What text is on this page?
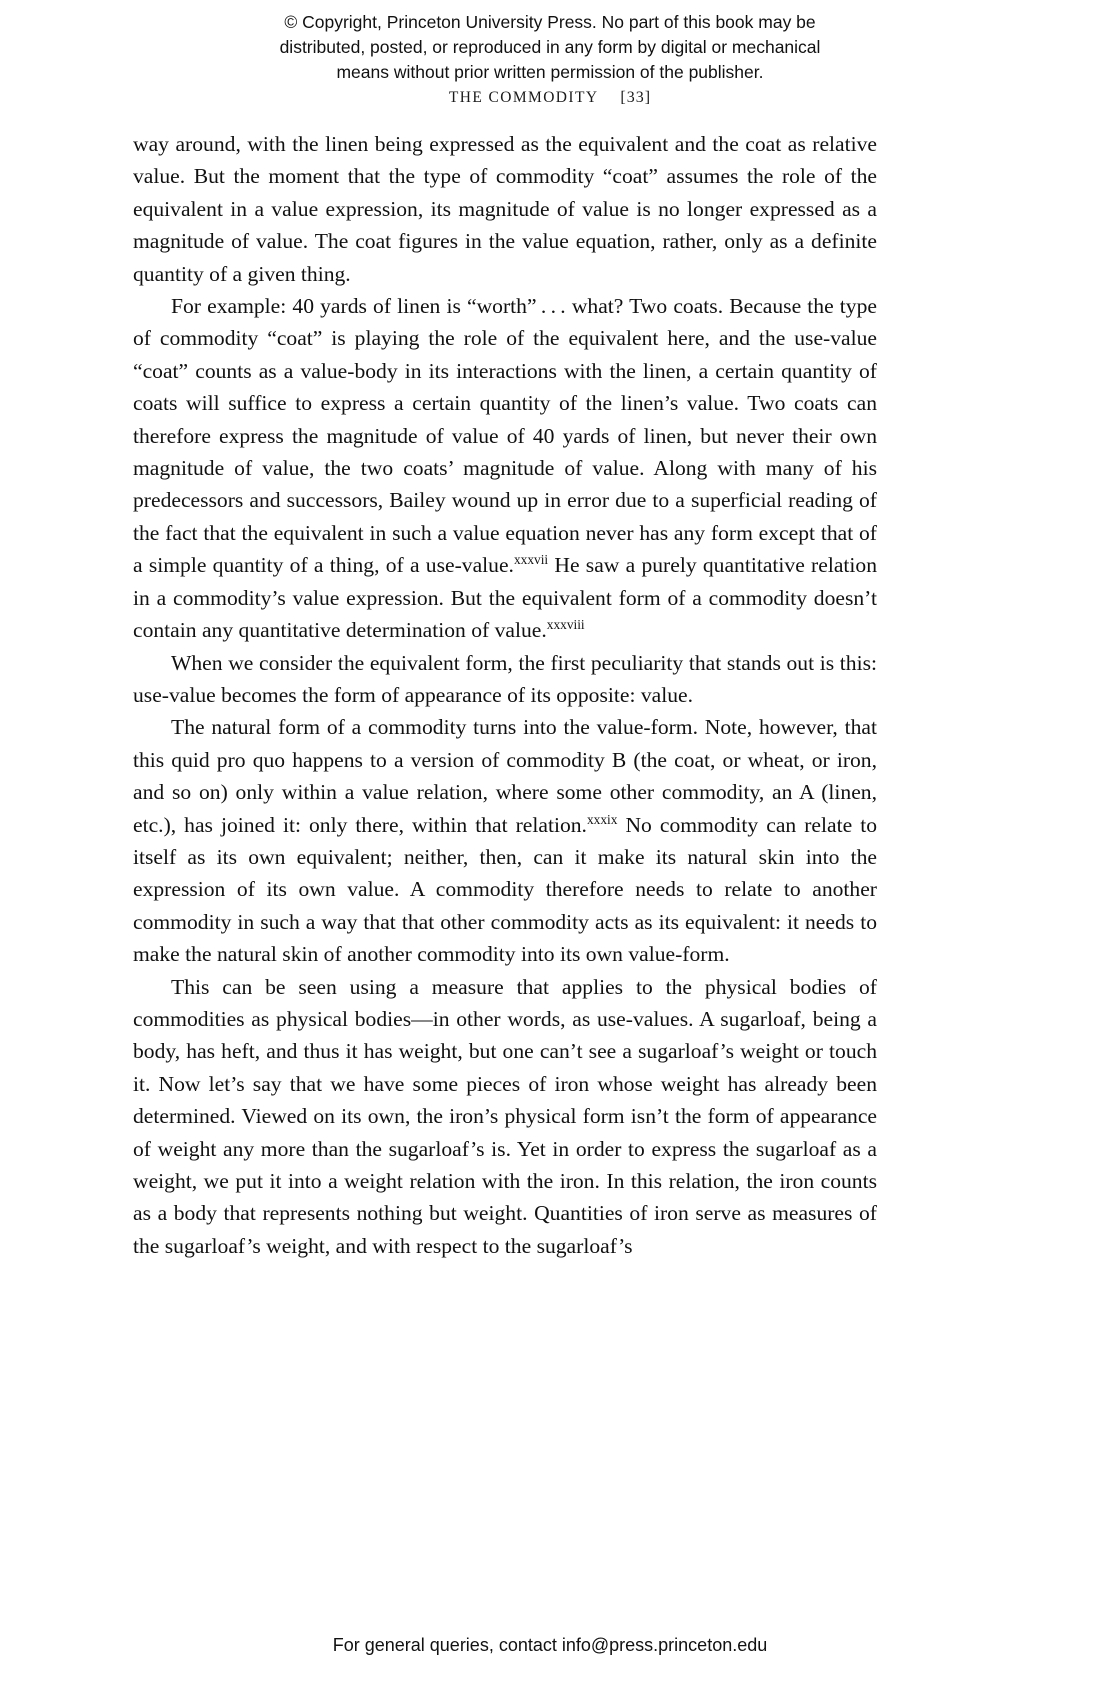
© Copyright, Princeton University Press. No part of this book may be
distributed, posted, or reproduced in any form by digital or mechanical
means without prior written permission of the publisher.
THE COMMODITY [33]

way around, with the linen being expressed as the equivalent and the coat as relative value. But the moment that the type of commodity “coat” assumes the role of the equivalent in a value expression, its magnitude of value is no longer expressed as a magnitude of value. The coat figures in the value equation, rather, only as a definite quantity of a given thing.

For example: 40 yards of linen is “worth” . . . what? Two coats. Because the type of commodity “coat” is playing the role of the equivalent here, and the use-value “coat” counts as a value-body in its interactions with the linen, a certain quantity of coats will suffice to express a certain quantity of the linen’s value. Two coats can therefore express the magnitude of value of 40 yards of linen, but never their own magnitude of value, the two coats’ magnitude of value. Along with many of his predecessors and successors, Bailey wound up in error due to a superficial reading of the fact that the equivalent in such a value equation never has any form except that of a simple quantity of a thing, of a use-value.$^{xxxvii}$ He saw a purely quantitative relation in a commodity’s value expression. But the equivalent form of a commodity doesn’t contain any quantitative determination of value.$^{xxxviii}$

When we consider the equivalent form, the first peculiarity that stands out is this: use-value becomes the form of appearance of its opposite: value.

The natural form of a commodity turns into the value-form. Note, however, that this quid pro quo happens to a version of commodity B (the coat, or wheat, or iron, and so on) only within a value relation, where some other commodity, an A (linen, etc.), has joined it: only there, within that relation.$^{xxxix}$ No commodity can relate to itself as its own equivalent; neither, then, can it make its natural skin into the expression of its own value. A commodity therefore needs to relate to another commodity in such a way that that other commodity acts as its equivalent: it needs to make the natural skin of another commodity into its own value-form.

This can be seen using a measure that applies to the physical bodies of commodities as physical bodies—in other words, as use-values. A sugarloaf, being a body, has heft, and thus it has weight, but one can’t see a sugarloaf’s weight or touch it. Now let’s say that we have some pieces of iron whose weight has already been determined. Viewed on its own, the iron’s physical form isn’t the form of appearance of weight any more than the sugarloaf’s is. Yet in order to express the sugarloaf as a weight, we put it into a weight relation with the iron. In this relation, the iron counts as a body that represents nothing but weight. Quantities of iron serve as measures of the sugarloaf’s weight, and with respect to the sugarloaf’s

For general queries, contact info@press.princeton.edu
